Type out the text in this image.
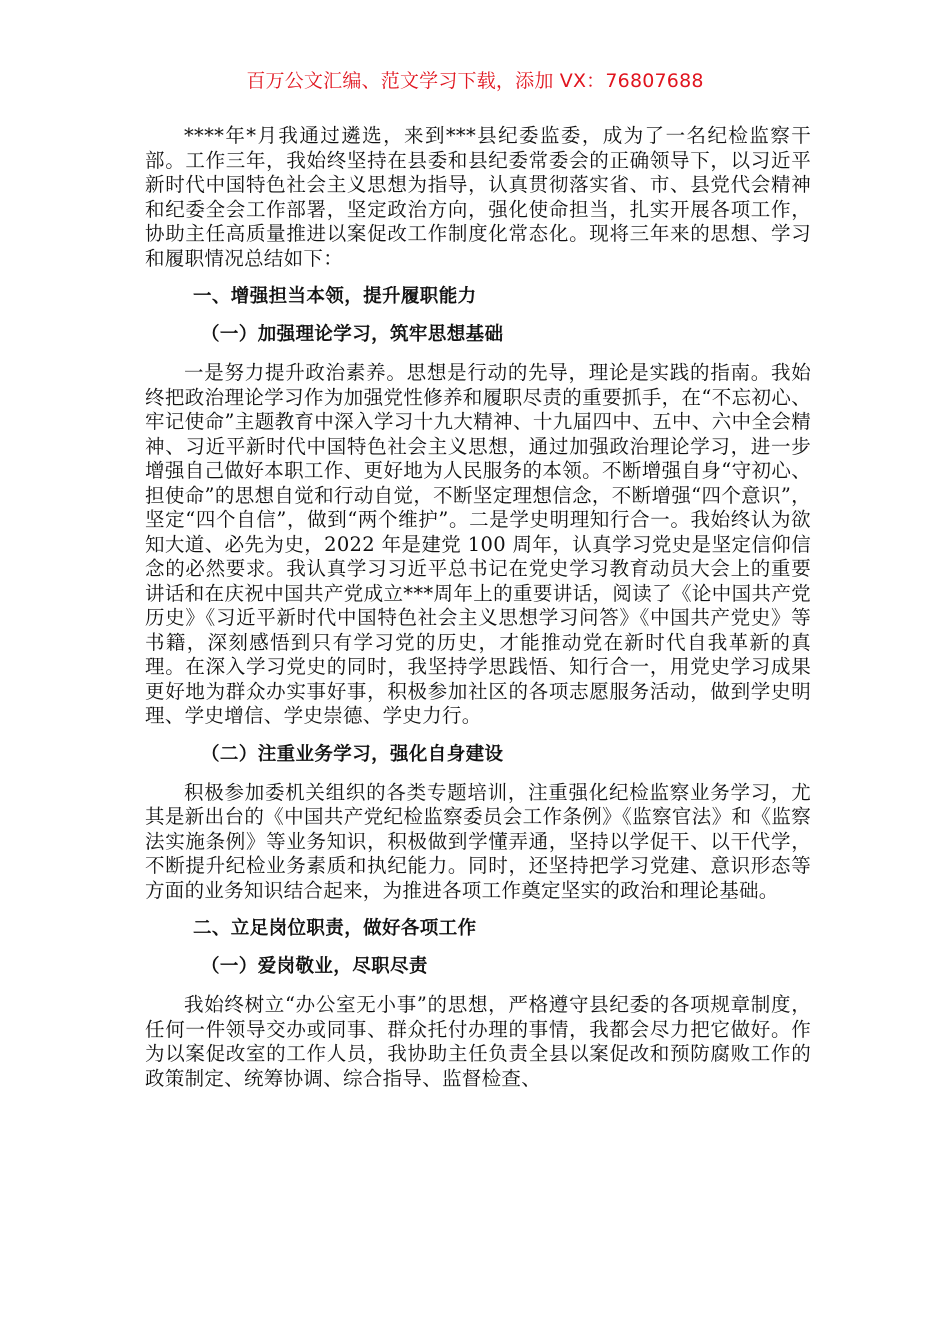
百万公文汇编、范文学习下载，添加 VX：76807688

****年*月我通过遴选，来到***县纪委监委，成为了一名纪检监察干部。工作三年，我始终坚持在县委和县纪委常委会的正确领导下，以习近平新时代中国特色社会主义思想为指导，认真贯彻落实省、市、县党代会精神和纪委全会工作部署，坚定政治方向，强化使命担当，扎实开展各项工作，协助主任高质量推进以案促改工作制度化常态化。现将三年来的思想、学习和履职情况总结如下：

一、增强担当本领，提升履职能力
（一）加强理论学习，筑牢思想基础

一是努力提升政治素养。思想是行动的先导，理论是实践的指南。我始终把政治理论学习作为加强党性修养和履职尽责的重要抓手，在“不忘初心、牢记使命”主题教育中深入学习十九大精神、十九届四中、五中、六中全会精神、习近平新时代中国特色社会主义思想，通过加强政治理论学习，进一步增强自己做好本职工作、更好地为人民服务的本领。不断增强自身“守初心、担使命”的思想自觉和行动自觉，不断坚定理想信念，不断增强“四个意识”，坚定“四个自信”，做到“两个维护”。二是学史明理知行合一。我始终认为欲知大道、必先为史，2022 年是建党 100 周年，认真学习党史是坚定信仰信念的必然要求。我认真学习习近平总书记在党史学习教育动员大会上的重要讲话和在庆祝中国共产党成立***周年上的重要讲话，阅读了《论中国共产党历史》《习近平新时代中国特色社会主义思想学习问答》《中国共产党史》等书籍，深刻感悟到只有学习党的历史，才能推动党在新时代自我革新的真理。在深入学习党史的同时，我坚持学思践悟、知行合一，用党史学习成果更好地为群众办实事好事，积极参加社区的各项志愿服务活动，做到学史明理、学史增信、学史崇德、学史力行。

（二）注重业务学习，强化自身建设

积极参加委机关组织的各类专题培训，注重强化纪检监察业务学习，尤其是新出台的《中国共产党纪检监察委员会工作条例》《监察官法》和《监察法实施条例》等业务知识，积极做到学懂弄通，坚持以学促干、以干代学，不断提升纪检业务素质和执纪能力。同时，还坚持把学习党建、意识形态等方面的业务知识结合起来，为推进各项工作奠定坚实的政治和理论基础。

二、立足岗位职责，做好各项工作
（一）爱岗敬业，尽职尽责

我始终树立“办公室无小事”的思想，严格遵守县纪委的各项规章制度，任何一件领导交办或同事、群众托付办理的事情，我都会尽力把它做好。作为以案促改室的工作人员，我协助主任负责全县以案促改和预防腐败工作的政策制定、统筹协调、综合指导、监督检查、
